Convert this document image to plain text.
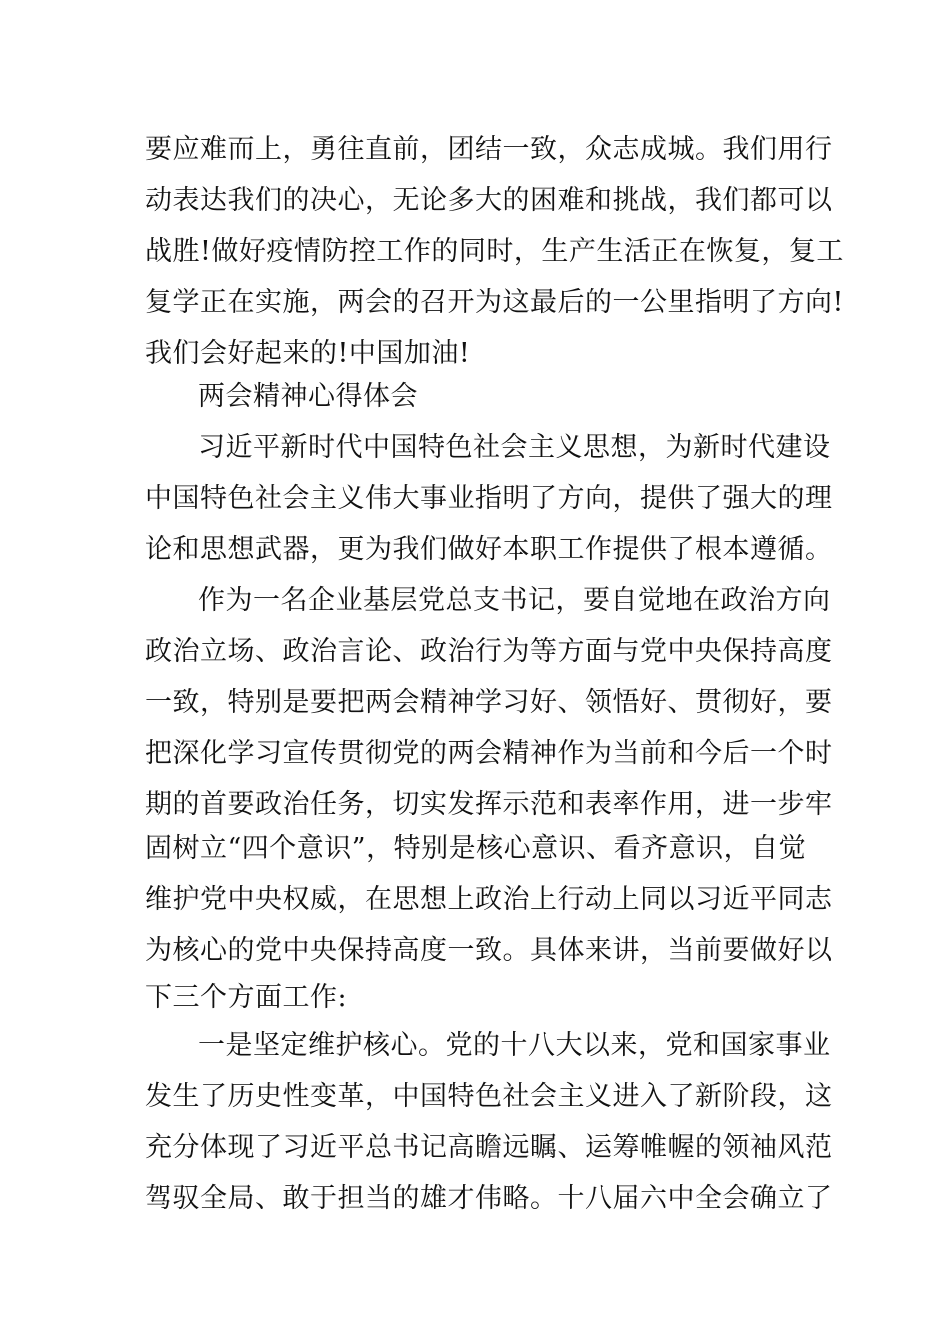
要应难而上，勇往直前，团结一致，众志成城。我们用行
动表达我们的决心，无论多大的困难和挑战，我们都可以
战胜!做好疫情防控工作的同时，生产生活正在恢复，复工
复学正在实施，两会的召开为这最后的一公里指明了方向!
我们会好起来的!中国加油!
两会精神心得体会
习近平新时代中国特色社会主义思想，为新时代建设
中国特色社会主义伟大事业指明了方向，提供了强大的理
论和思想武器，更为我们做好本职工作提供了根本遵循。
作为一名企业基层党总支书记，要自觉地在政治方向
政治立场、政治言论、政治行为等方面与党中央保持高度
一致，特别是要把两会精神学习好、领悟好、贯彻好，要
把深化学习宣传贯彻党的两会精神作为当前和今后一个时
期的首要政治任务，切实发挥示范和表率作用，进一步牢
固树立“四个意识”，特别是核心意识、看齐意识，自觉
维护党中央权威，在思想上政治上行动上同以习近平同志
为核心的党中央保持高度一致。具体来讲，当前要做好以
下三个方面工作:
一是坚定维护核心。党的十八大以来，党和国家事业
发生了历史性变革，中国特色社会主义进入了新阶段，这
充分体现了习近平总书记高瞻远瞩、运筹帷幄的领袖风范
驾驭全局、敢于担当的雄才伟略。十八届六中全会确立了
